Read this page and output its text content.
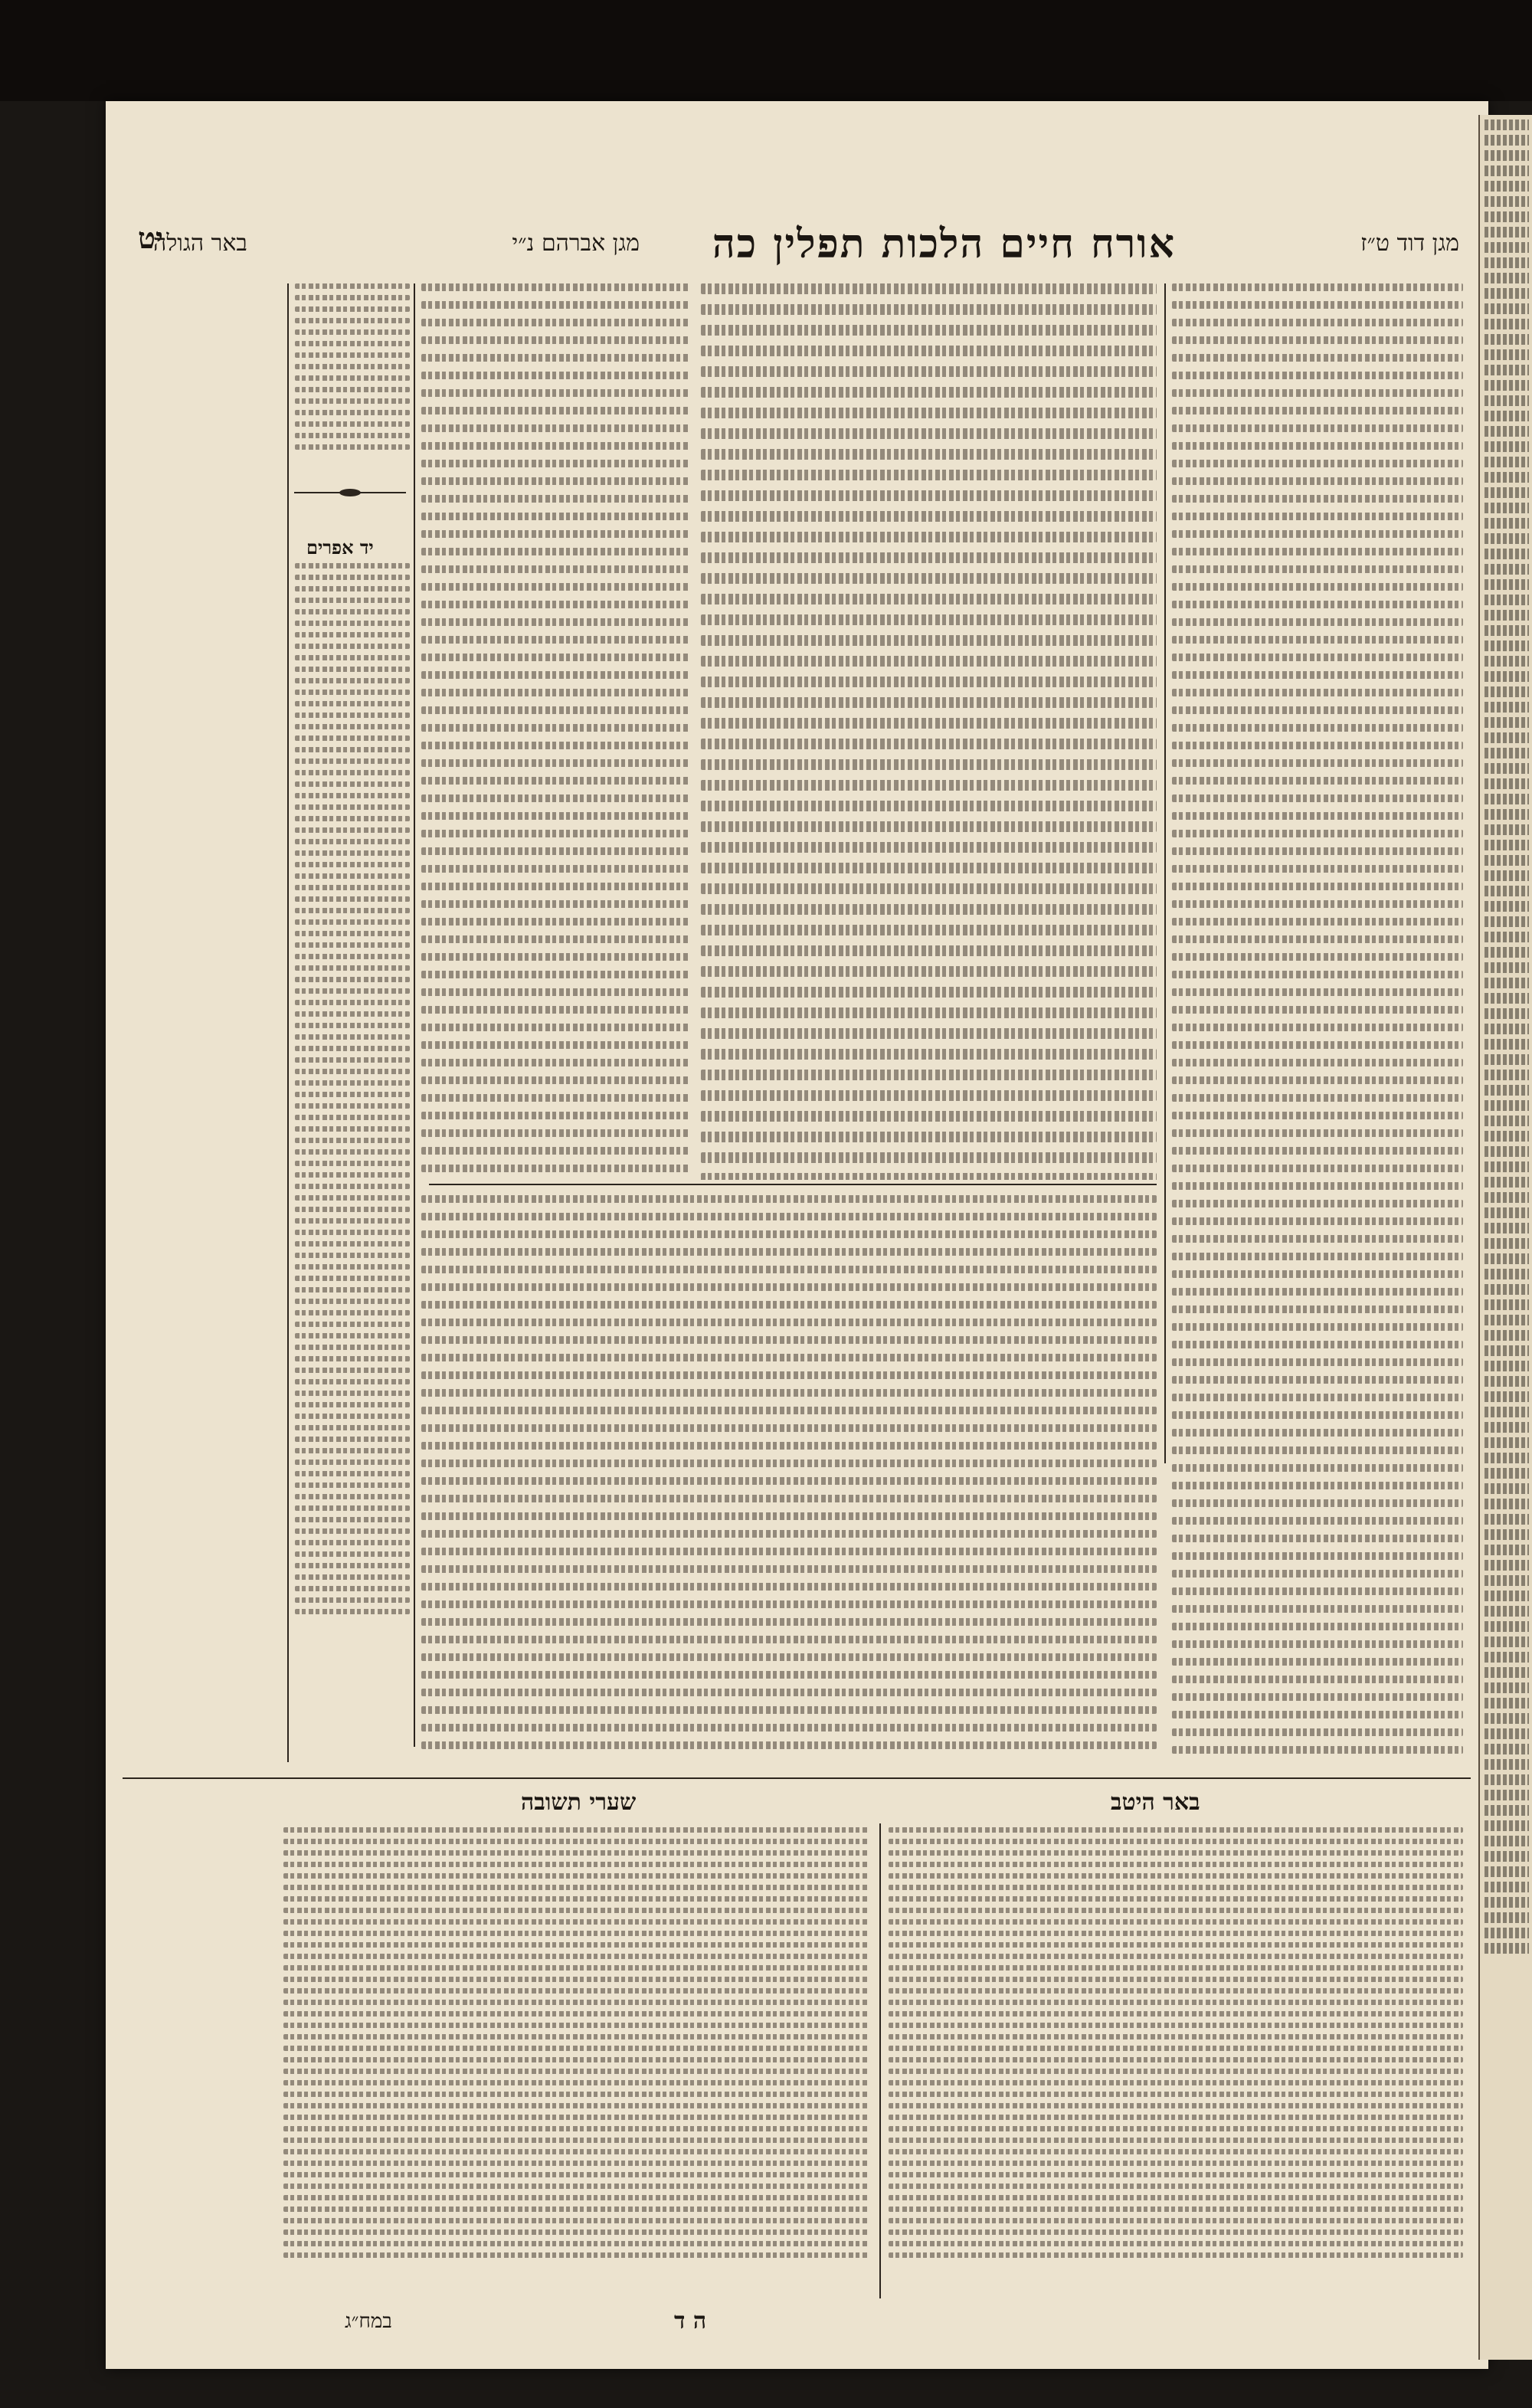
אורח חיים הלכות תפלין כה
מגן אברהם נ״י	מגן דוד ט״ז
באר הגולה
יט
יד אפרים
באר היטב
שערי תשובה
ה ד
במח״ג
